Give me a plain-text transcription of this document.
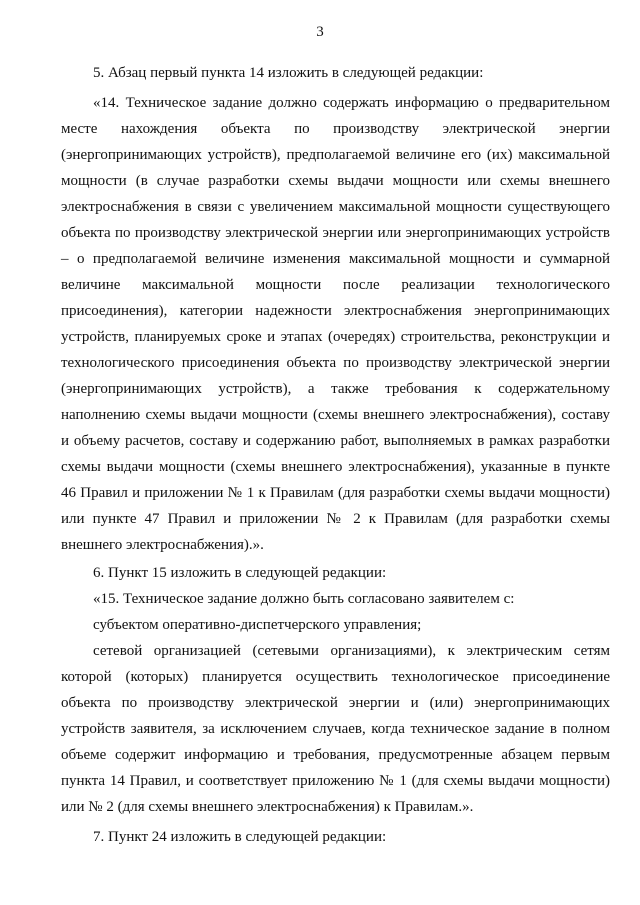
3
5. Абзац первый пункта 14 изложить в следующей редакции:
«14. Техническое задание должно содержать информацию о предварительном
месте нахождения объекта по производству электрической энергии
(энергопринимающих устройств), предполагаемой величине его (их) максимальной
мощности (в случае разработки схемы выдачи мощности или схемы внешнего
электроснабжения в связи с увеличением максимальной мощности существующего
объекта по производству электрической энергии или энергопринимающих устройств
– о предполагаемой величине изменения максимальной мощности и суммарной
величине максимальной мощности после реализации технологического
присоединения), категории надежности электроснабжения энергопринимающих
устройств, планируемых сроке и этапах (очередях) строительства, реконструкции и
технологического присоединения объекта по производству электрической энергии
(энергопринимающих устройств), а также требования к содержательному
наполнению схемы выдачи мощности (схемы внешнего электроснабжения), составу
и объему расчетов, составу и содержанию работ, выполняемых в рамках разработки
схемы выдачи мощности (схемы внешнего электроснабжения), указанные в пункте
46 Правил и приложении № 1 к Правилам (для разработки схемы выдачи мощности)
или пункте 47 Правил и приложении № 2 к Правилам (для разработки схемы
внешнего электроснабжения).».
6. Пункт 15 изложить в следующей редакции:
«15. Техническое задание должно быть согласовано заявителем с:
субъектом оперативно-диспетчерского управления;
сетевой организацией (сетевыми организациями), к электрическим сетям
которой (которых) планируется осуществить технологическое присоединение
объекта по производству электрической энергии и (или) энергопринимающих
устройств заявителя, за исключением случаев, когда техническое задание в полном
объеме содержит информацию и требования, предусмотренные абзацем первым
пункта 14 Правил, и соответствует приложению № 1 (для схемы выдачи мощности)
или № 2 (для схемы внешнего электроснабжения) к Правилам.».
7. Пункт 24 изложить в следующей редакции:
